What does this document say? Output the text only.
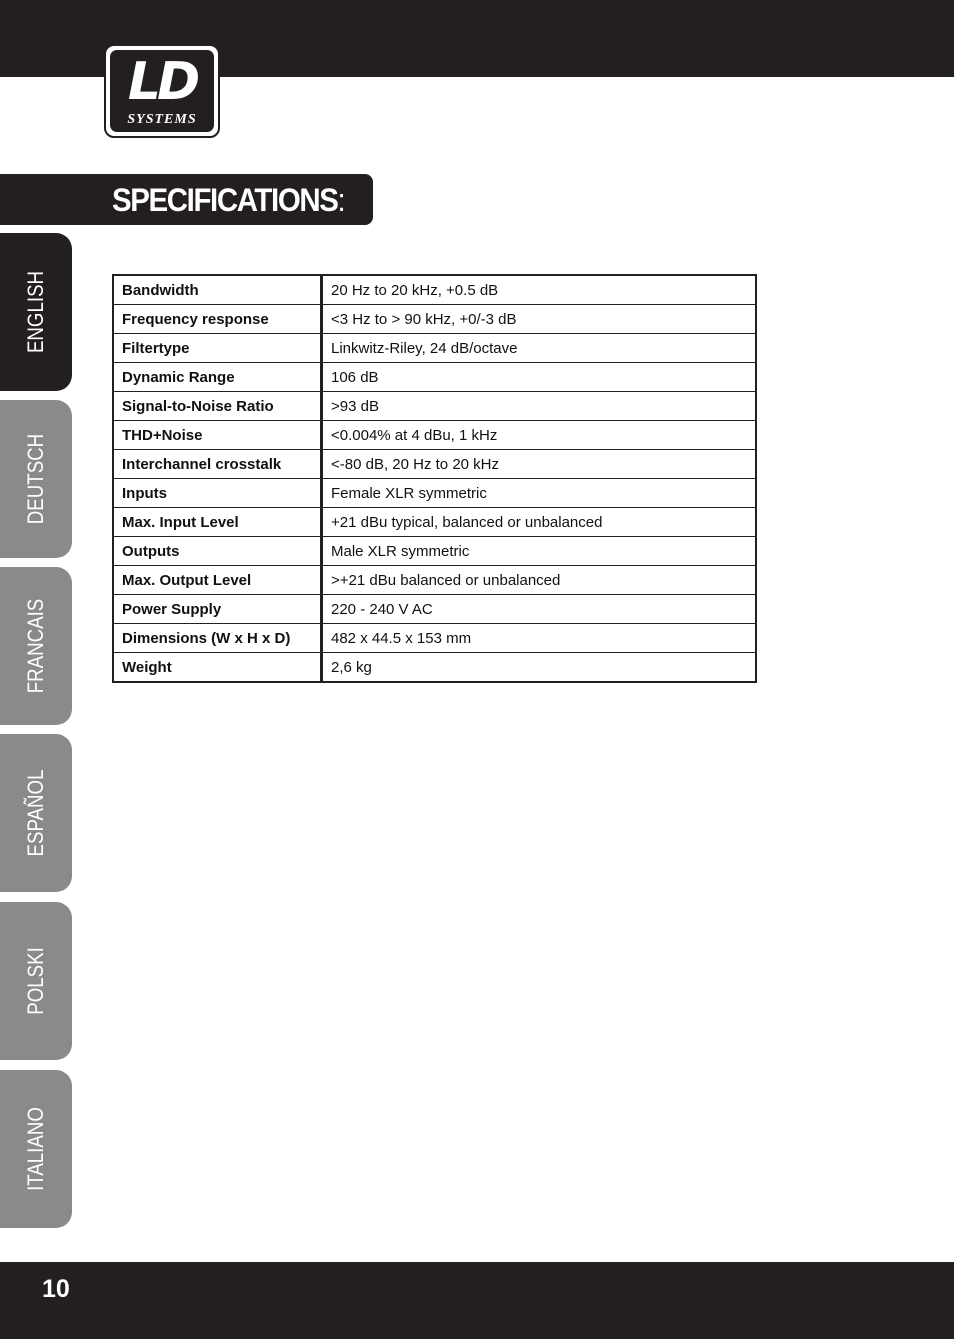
LD
SYSTEMS
SPECIFICATIONS:
ENGLISH
DEUTSCH
FRANCAIS
ESPAÑOL
POLSKI
ITALIANO
Bandwidth	20 Hz to 20 kHz, +0.5 dB
Frequency response	<3 Hz to > 90 kHz, +0/-3 dB
Filtertype	Linkwitz-Riley, 24 dB/octave
Dynamic Range	106 dB
Signal-to-Noise Ratio	>93 dB
THD+Noise	<0.004% at 4 dBu, 1 kHz
Interchannel crosstalk	<-80 dB, 20 Hz to 20 kHz
Inputs	Female XLR symmetric
Max. Input Level	+21 dBu typical, balanced or unbalanced
Outputs	Male XLR symmetric
Max. Output Level	>+21 dBu balanced or unbalanced
Power Supply	220 - 240 V AC
Dimensions (W x H x D)	482 x 44.5 x 153 mm
Weight	2,6 kg
10
